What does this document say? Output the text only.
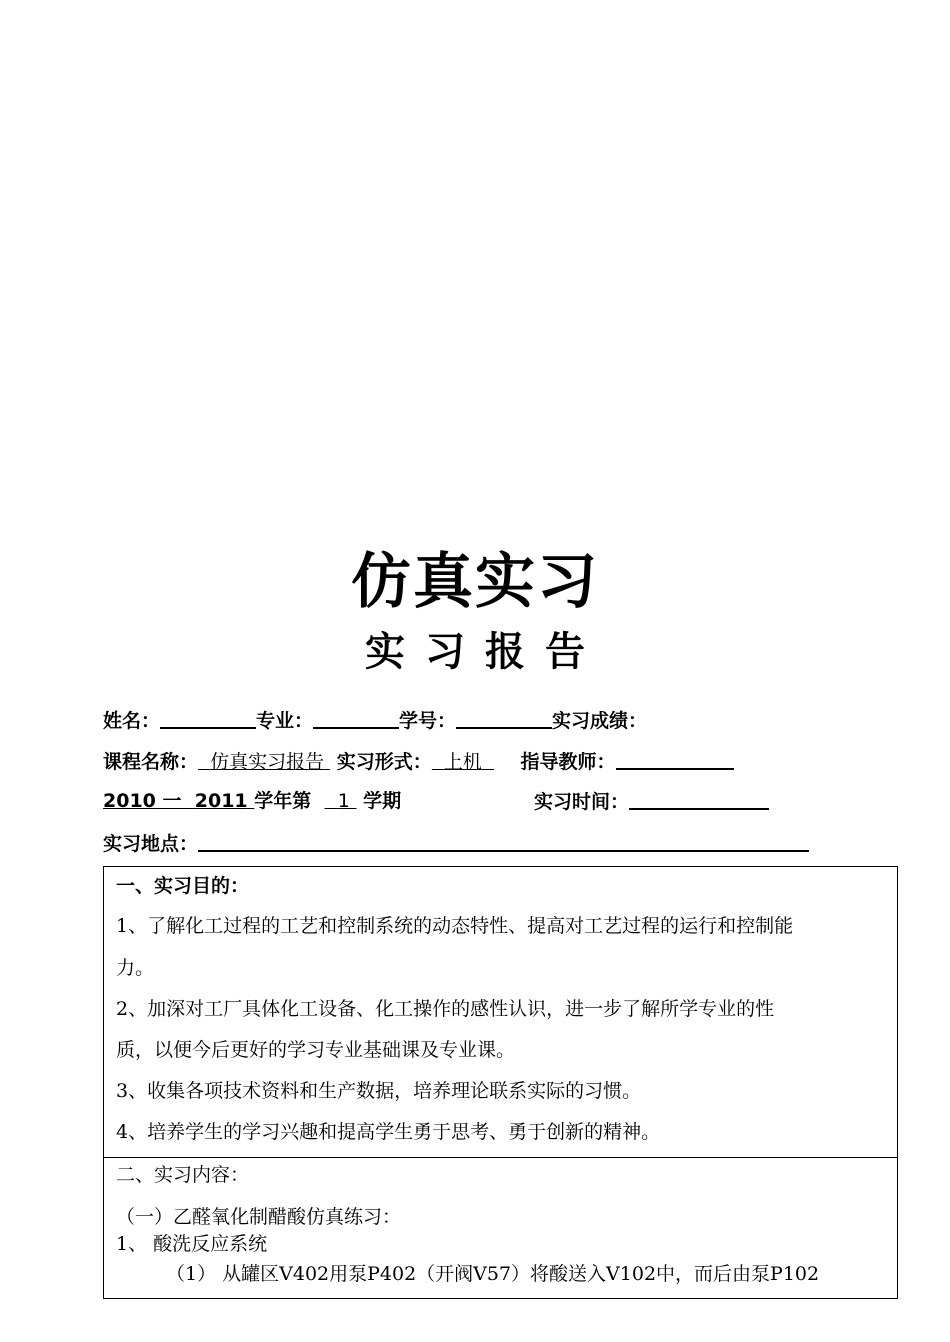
仿真实习
实 习 报 告
姓名：	专业：	学号：	实习成绩：
课程名称： 仿真实习报告 实习形式： 上机 指导教师：
2010 一 2011 学年第 1 学期	实习时间：
实习地点：

一、实习目的：

1、了解化工过程的工艺和控制系统的动态特性、提高对工艺过程的运行和控制能

力。

2、加深对工厂具体化工设备、化工操作的感性认识，进一步了解所学专业的性

质，以便今后更好的学习专业基础课及专业课。

3、收集各项技术资料和生产数据，培养理论联系实际的习惯。

4、培养学生的学习兴趣和提高学生勇于思考、勇于创新的精神。

二、实习内容：

（一）乙醛氧化制醋酸仿真练习：

1、 酸洗反应系统

（1） 从罐区V402用泵P402（开阀V57）将酸送入V102中，而后由泵P102
